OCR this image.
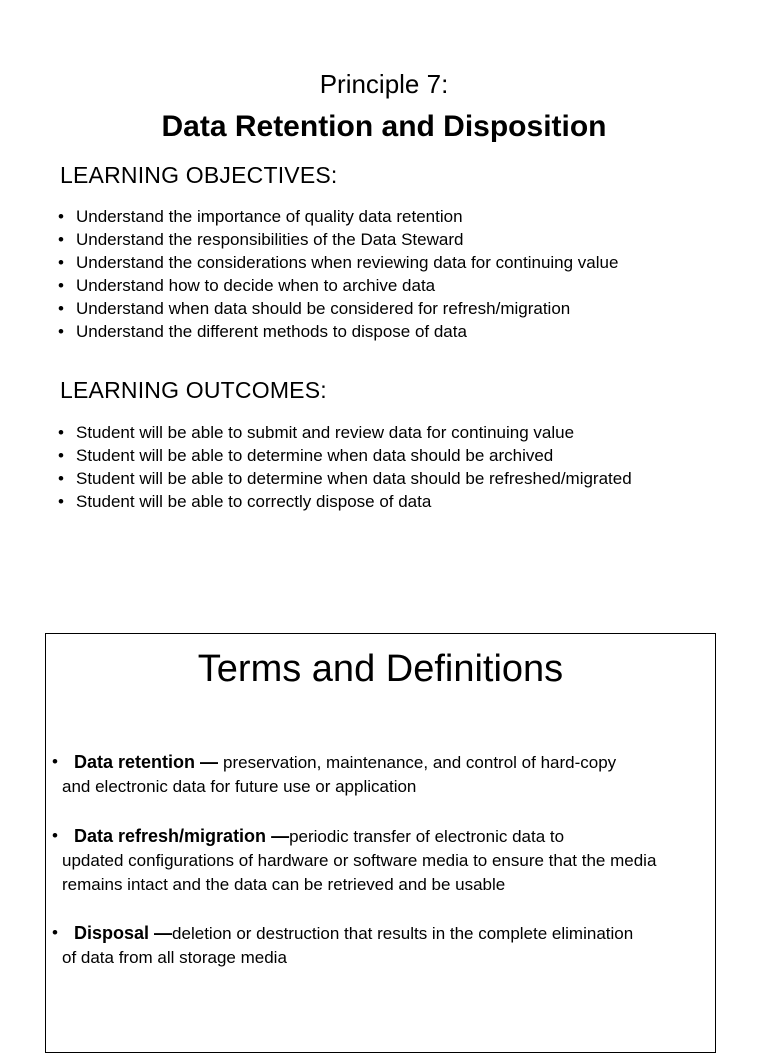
Principle 7:
Data Retention and Disposition
LEARNING OBJECTIVES:
• Understand the importance of quality data retention
• Understand the responsibilities of the Data Steward
• Understand the considerations when reviewing data for continuing value
• Understand how to decide when to archive data
• Understand when data should be considered for refresh/migration
• Understand the different methods to dispose of data
LEARNING OUTCOMES:
• Student will be able to submit and review data for continuing value
• Student will be able to determine when data should be archived
• Student will be able to determine when data should be refreshed/migrated
• Student will be able to correctly dispose of data
Terms and Definitions
• Data retention — preservation, maintenance, and control of hard-copy
and electronic data for future use or application
• Data refresh/migration —periodic transfer of electronic data to
updated configurations of hardware or software media to ensure that the media remains intact and the data can be retrieved and be usable
• Disposal —deletion or destruction that results in the complete elimination
of data from all storage media
